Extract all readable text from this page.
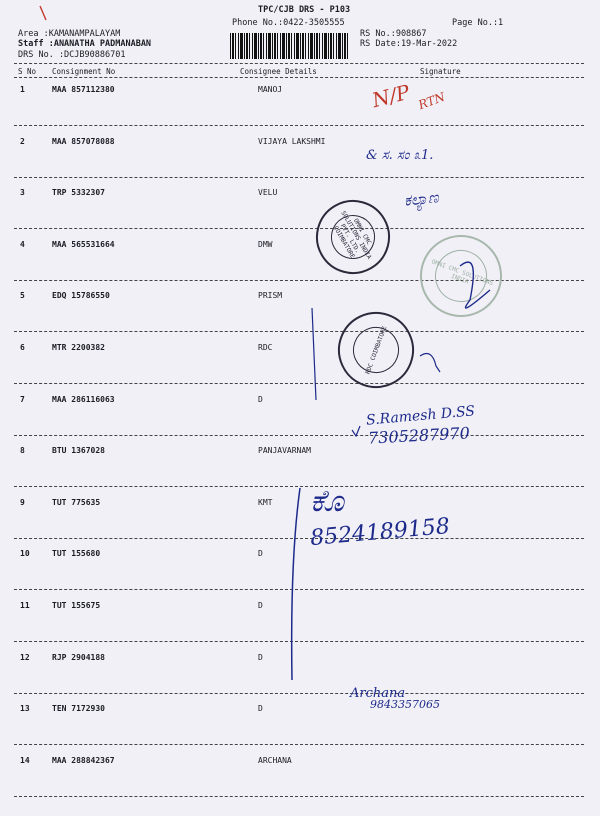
TPC/CJB DRS - P103
Phone No.:0422-3505555	Page No.:1
Area :KAMANAMPALAYAM	RS No.:908867
Staff :ANANATHA PADMANABAN	RS Date:19-Mar-2022
DRS No. :DCJB90886701
S No Consignment No	Consignee Details	Signature
1	MAA 857112380	MANOJ
2	MAA 857078088	VIJAYA LAKSHMI
3	TRP 5332307	VELU
4	MAA 565531664	DMW
5	EDQ 15786550	PRISM
6	MTR 2200382	RDC
7	MAA 286116063	D
8	BTU 1367028	PANJAVARNAM
9	TUT 775635	KMT
10	TUT 155680	D
11	TUT 155675	D
12	RJP 2904188	D
13	TEN 7172930	D
14	MAA 288842367	ARCHANA
OMNI CMC SOLUTIONS INDIA PVT. LTD. COIMBATORE
RDC COIMBATORE
OMNI CMC SOLUTIONS INDIA
N/P RTN
& ಸ. ಸಂ ೩1.
ಕಲ್ಯಾಣ
S.Ramesh D.SS
7305287970
ಕೊ
8524189158
Archana
9843357065
